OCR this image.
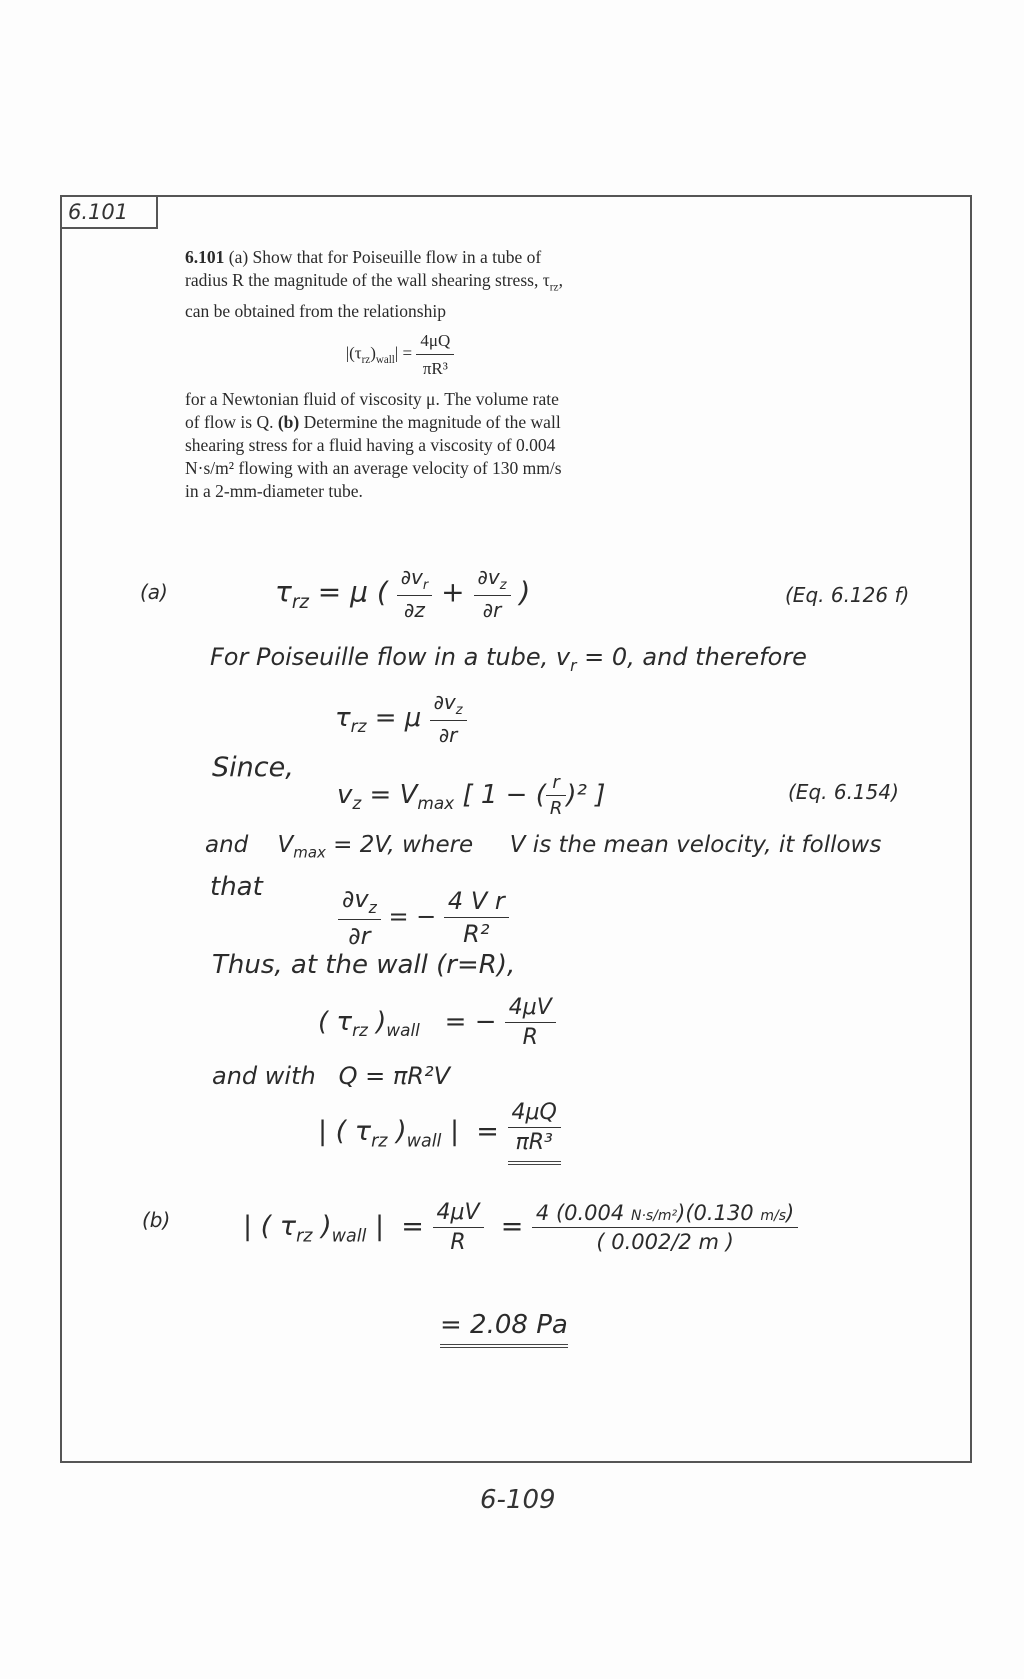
6.101
6.101 (a) Show that for Poiseuille flow in a tube of radius R the magnitude of the wall shearing stress, $\tau_{rz}$, can be obtained from the relationship
$|(\tau_{rz})_{wall}| = \frac{4\mu Q}{\text{πR³}}$
for a Newtonian fluid of viscosity μ. The volume rate of flow is Q. (b) Determine the magnitude of the wall shearing stress for a fluid having a viscosity of 0.004 N·s/m² flowing with an average velocity of 130 mm/s in a 2-mm-diameter tube.
(a)	$\tau_{rz} = \mu$ ( $\frac{\partial v_r}{\partial z} + \frac{\partial v_z}{\partial r}$ )	(Eq. 6.126 f)
For Poiseuille flow in a tube, $v_r = 0$, and therefore
$\tau_{rz} = \mu \frac{\partial v_z}{\partial r}$
Since,
$v_z = V_{max}$ [ 1 − ( $\frac{r}{R} )^2$ ]	(Eq. 6.154)
and    $V_{max} = 2V$, where V is the mean velocity, it follows
that	$\frac{\partial v_z}{\partial r}$ = − $\frac{\text{4 V r}}{\text{R²}}$
Thus, at the wall (r=R),
( $\tau_{rz}$ )$_{wall}$   = − $\frac{4\mu V}{R}$
and with   Q = πR²V
| ( $\tau_{rz}$ )$_{wall}$ |  = $\frac{4\mu Q}{\text{πR³}}$
(b)	| ( $\tau_{rz}$ )$_{wall}$ |  = $\frac{4\mu V}{R} = \frac{\text{4 (0.004 N·s/m²)(0.130 m/s)}}{( 0.002/2 m )}$
= 2.08 Pa
6-109
